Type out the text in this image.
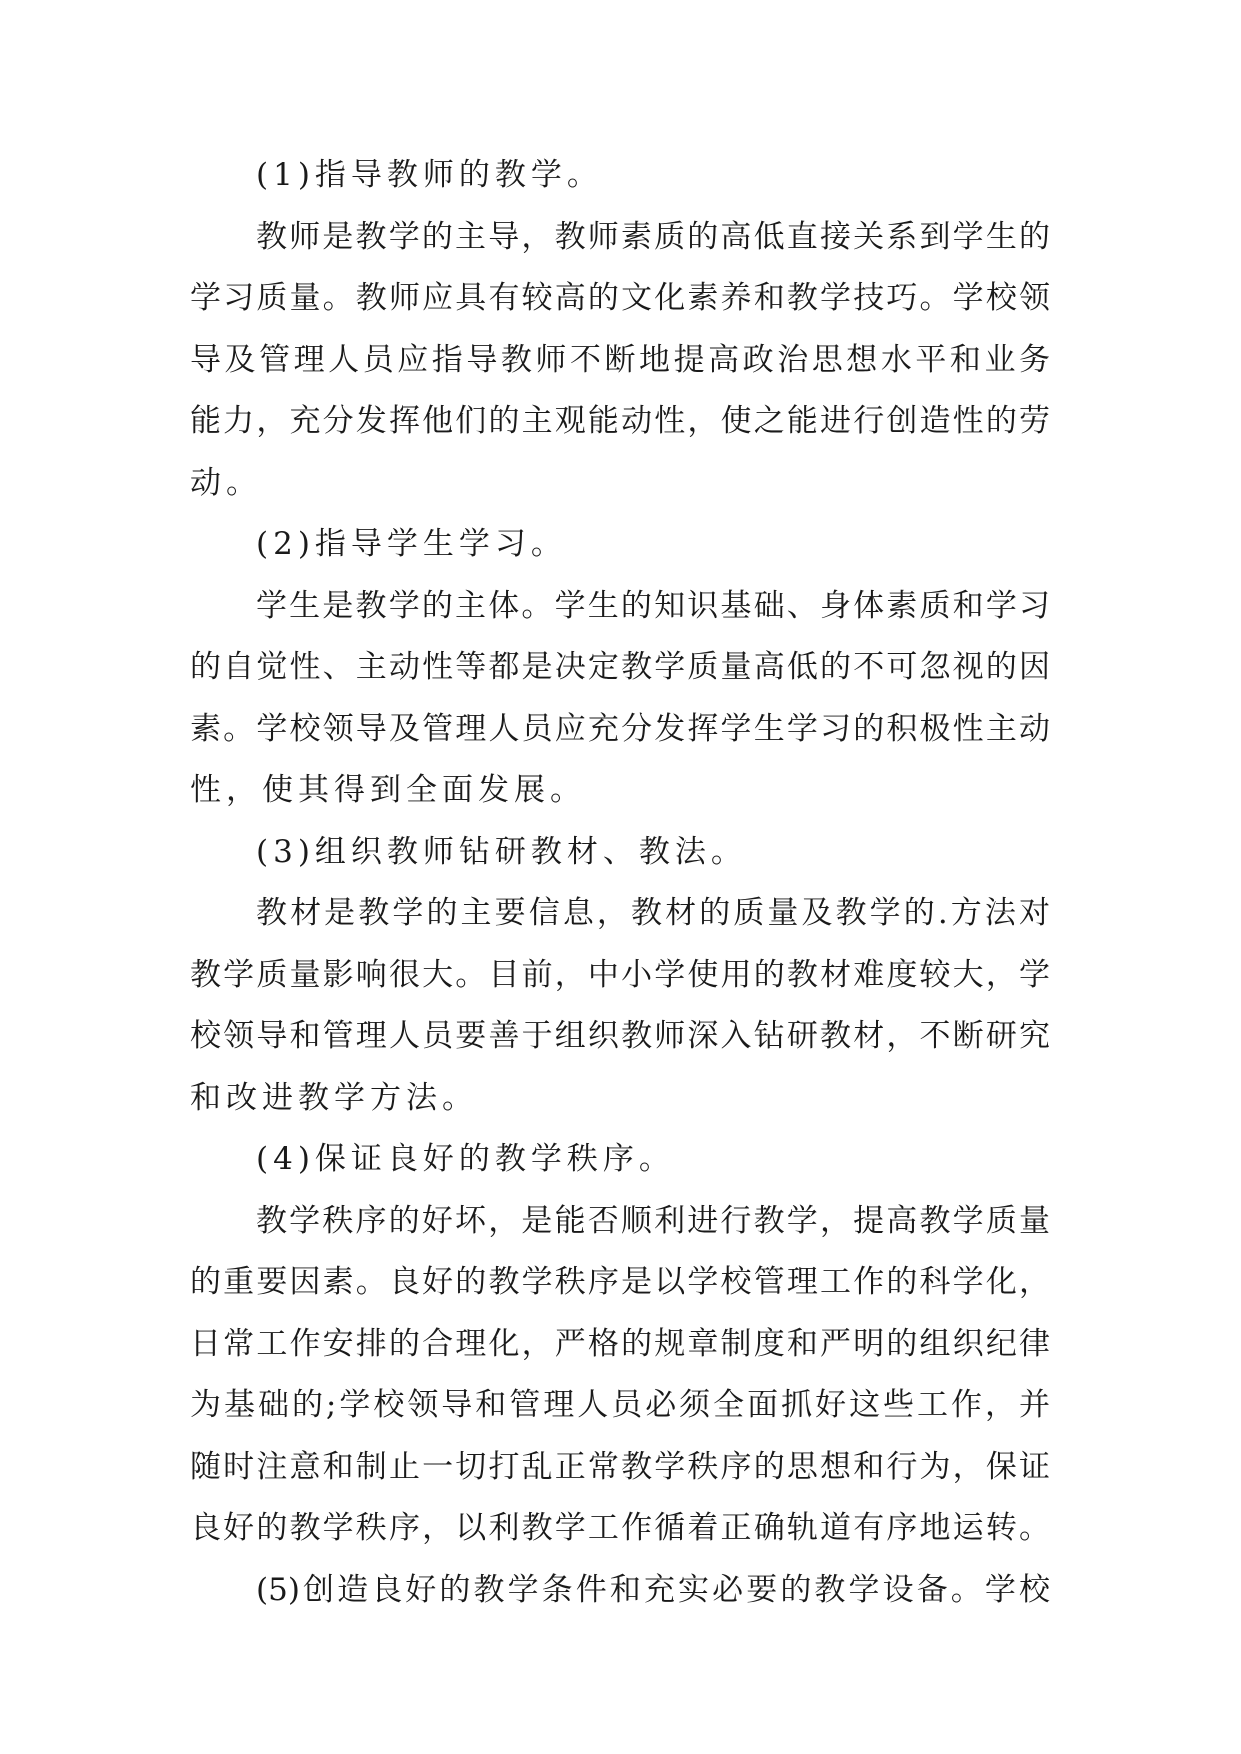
(1)指导教师的教学。
教师是教学的主导，教师素质的高低直接关系到学生的
学习质量。教师应具有较高的文化素养和教学技巧。学校领
导及管理人员应指导教师不断地提高政治思想水平和业务
能力，充分发挥他们的主观能动性，使之能进行创造性的劳
动。
(2)指导学生学习。
学生是教学的主体。学生的知识基础、身体素质和学习
的自觉性、主动性等都是决定教学质量高低的不可忽视的因
素。学校领导及管理人员应充分发挥学生学习的积极性主动
性，使其得到全面发展。
(3)组织教师钻研教材、教法。
教材是教学的主要信息，教材的质量及教学的.方法对
教学质量影响很大。目前，中小学使用的教材难度较大，学
校领导和管理人员要善于组织教师深入钻研教材，不断研究
和改进教学方法。
(4)保证良好的教学秩序。
教学秩序的好坏，是能否顺利进行教学，提高教学质量
的重要因素。良好的教学秩序是以学校管理工作的科学化，
日常工作安排的合理化，严格的规章制度和严明的组织纪律
为基础的;学校领导和管理人员必须全面抓好这些工作，并
随时注意和制止一切打乱正常教学秩序的思想和行为，保证
良好的教学秩序，以利教学工作循着正确轨道有序地运转。
(5)创造良好的教学条件和充实必要的教学设备。学校
